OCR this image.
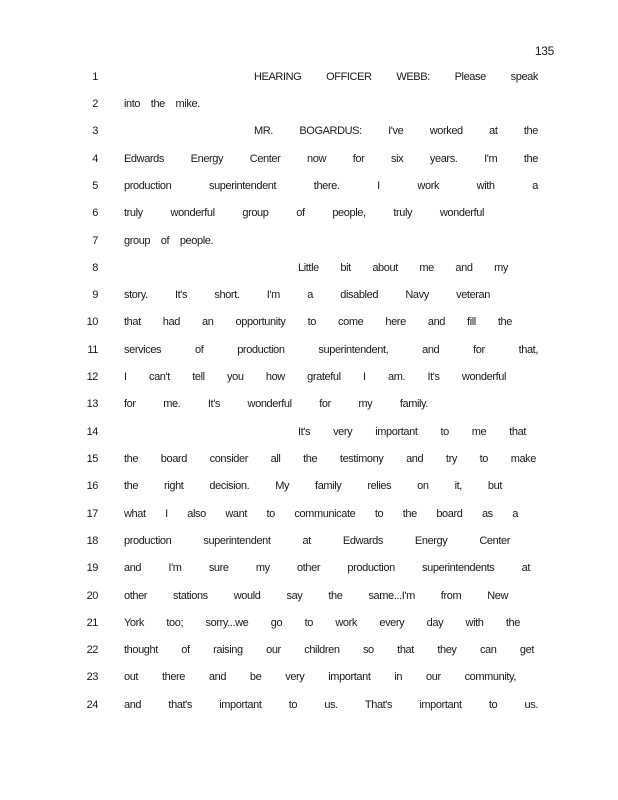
135
1	HEARING OFFICER WEBB: Please speak
2 into the mike.
3	MR. BOGARDUS: I've worked at the
4 Edwards Energy Center now for six years. I'm the
5 production superintendent there. I work with a
6 truly wonderful group of people, truly wonderful
7 group of people.
8	Little bit about me and my
9 story. It's short. I'm a disabled Navy veteran
10 that had an opportunity to come here and fill the
11 services of production superintendent, and for that,
12 I can't tell you how grateful I am. It's wonderful
13 for me. It's wonderful for my family.
14	It's very important to me that
15 the board consider all the testimony and try to make
16 the right decision. My family relies on it, but
17 what I also want to communicate to the board as a
18 production superintendent at Edwards Energy Center
19 and I'm sure my other production superintendents at
20 other stations would say the same...I'm from New
21 York too; sorry...we go to work every day with the
22 thought of raising our children so that they can get
23 out there and be very important in our community,
24 and that's important to us. That's important to us.
